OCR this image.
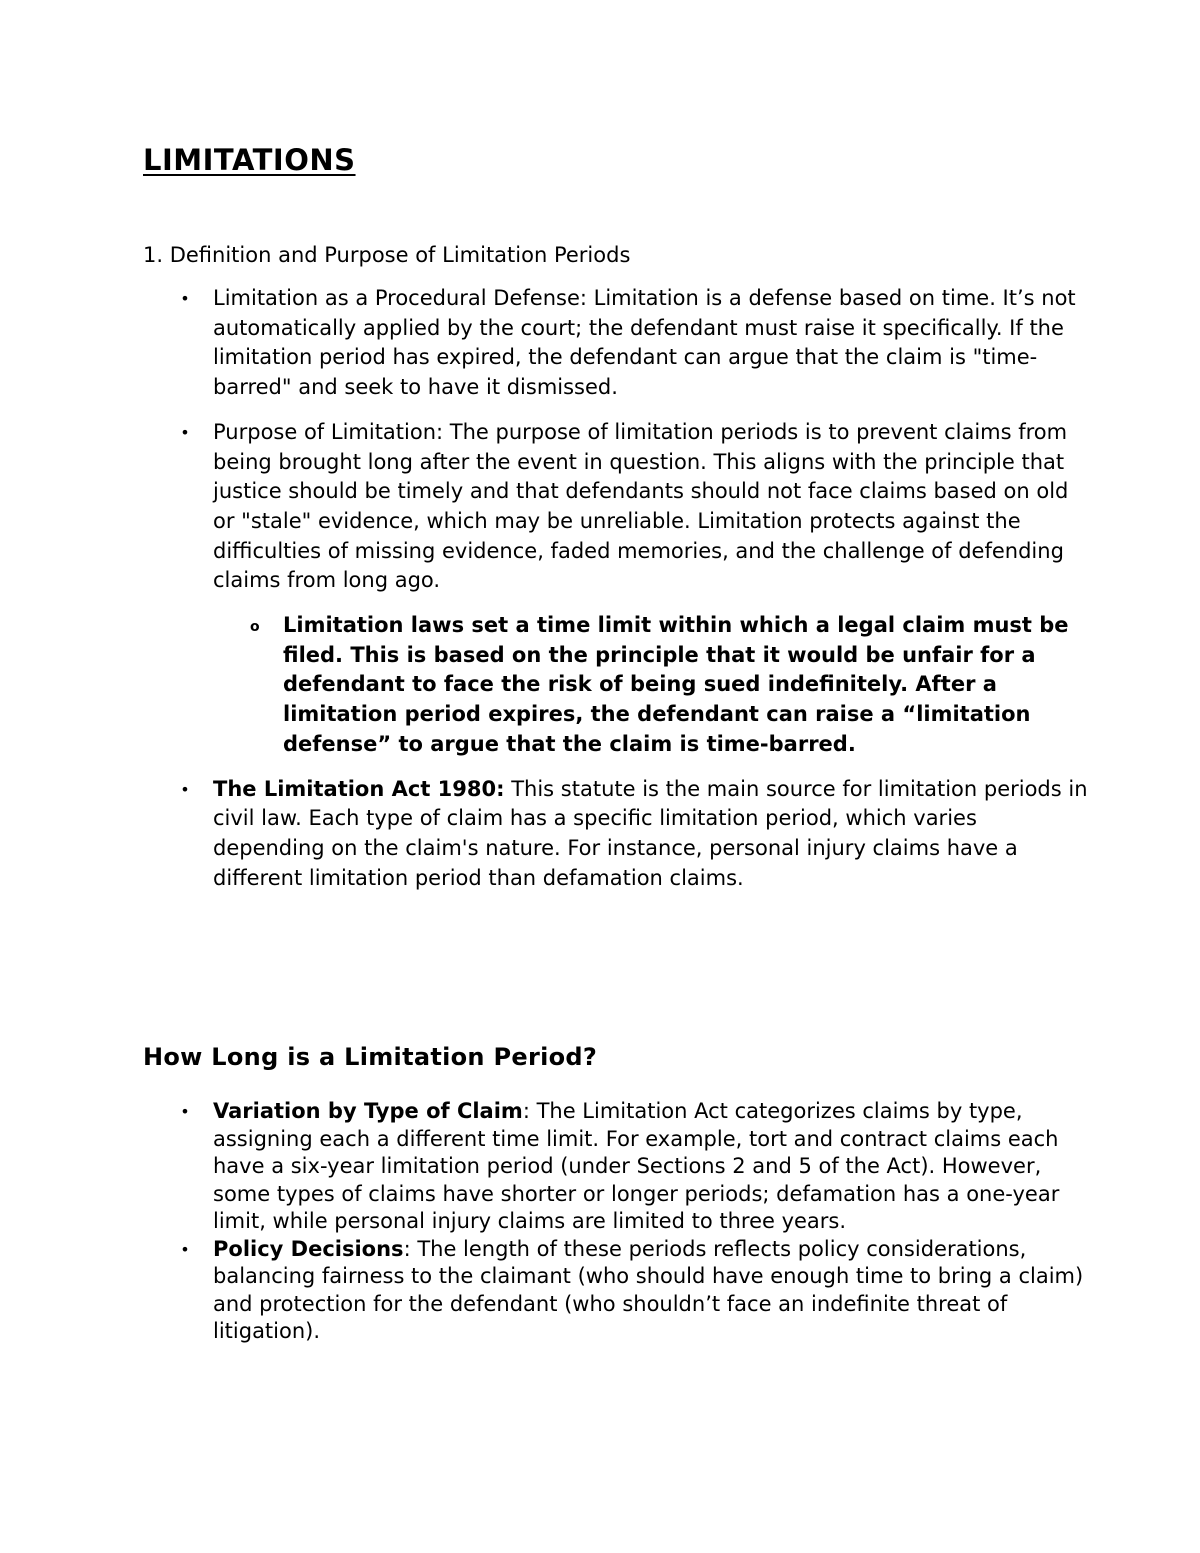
LIMITATIONS

1. Definition and Purpose of Limitation Periods

• Limitation as a Procedural Defense: Limitation is a defense based on time. It’s not automatically applied by the court; the defendant must raise it specifically. If the limitation period has expired, the defendant can argue that the claim is "time-barred" and seek to have it dismissed.
• Purpose of Limitation: The purpose of limitation periods is to prevent claims from being brought long after the event in question. This aligns with the principle that justice should be timely and that defendants should not face claims based on old or "stale" evidence, which may be unreliable. Limitation protects against the difficulties of missing evidence, faded memories, and the challenge of defending claims from long ago.
o Limitation laws set a time limit within which a legal claim must be filed. This is based on the principle that it would be unfair for a defendant to face the risk of being sued indefinitely. After a limitation period expires, the defendant can raise a “limitation defense” to argue that the claim is time-barred.
• The Limitation Act 1980: This statute is the main source for limitation periods in civil law. Each type of claim has a specific limitation period, which varies depending on the claim's nature. For instance, personal injury claims have a different limitation period than defamation claims.
How Long is a Limitation Period?
• Variation by Type of Claim: The Limitation Act categorizes claims by type, assigning each a different time limit. For example, tort and contract claims each have a six-year limitation period (under Sections 2 and 5 of the Act). However, some types of claims have shorter or longer periods; defamation has a one-year limit, while personal injury claims are limited to three years.
• Policy Decisions: The length of these periods reflects policy considerations, balancing fairness to the claimant (who should have enough time to bring a claim) and protection for the defendant (who shouldn’t face an indefinite threat of litigation).
